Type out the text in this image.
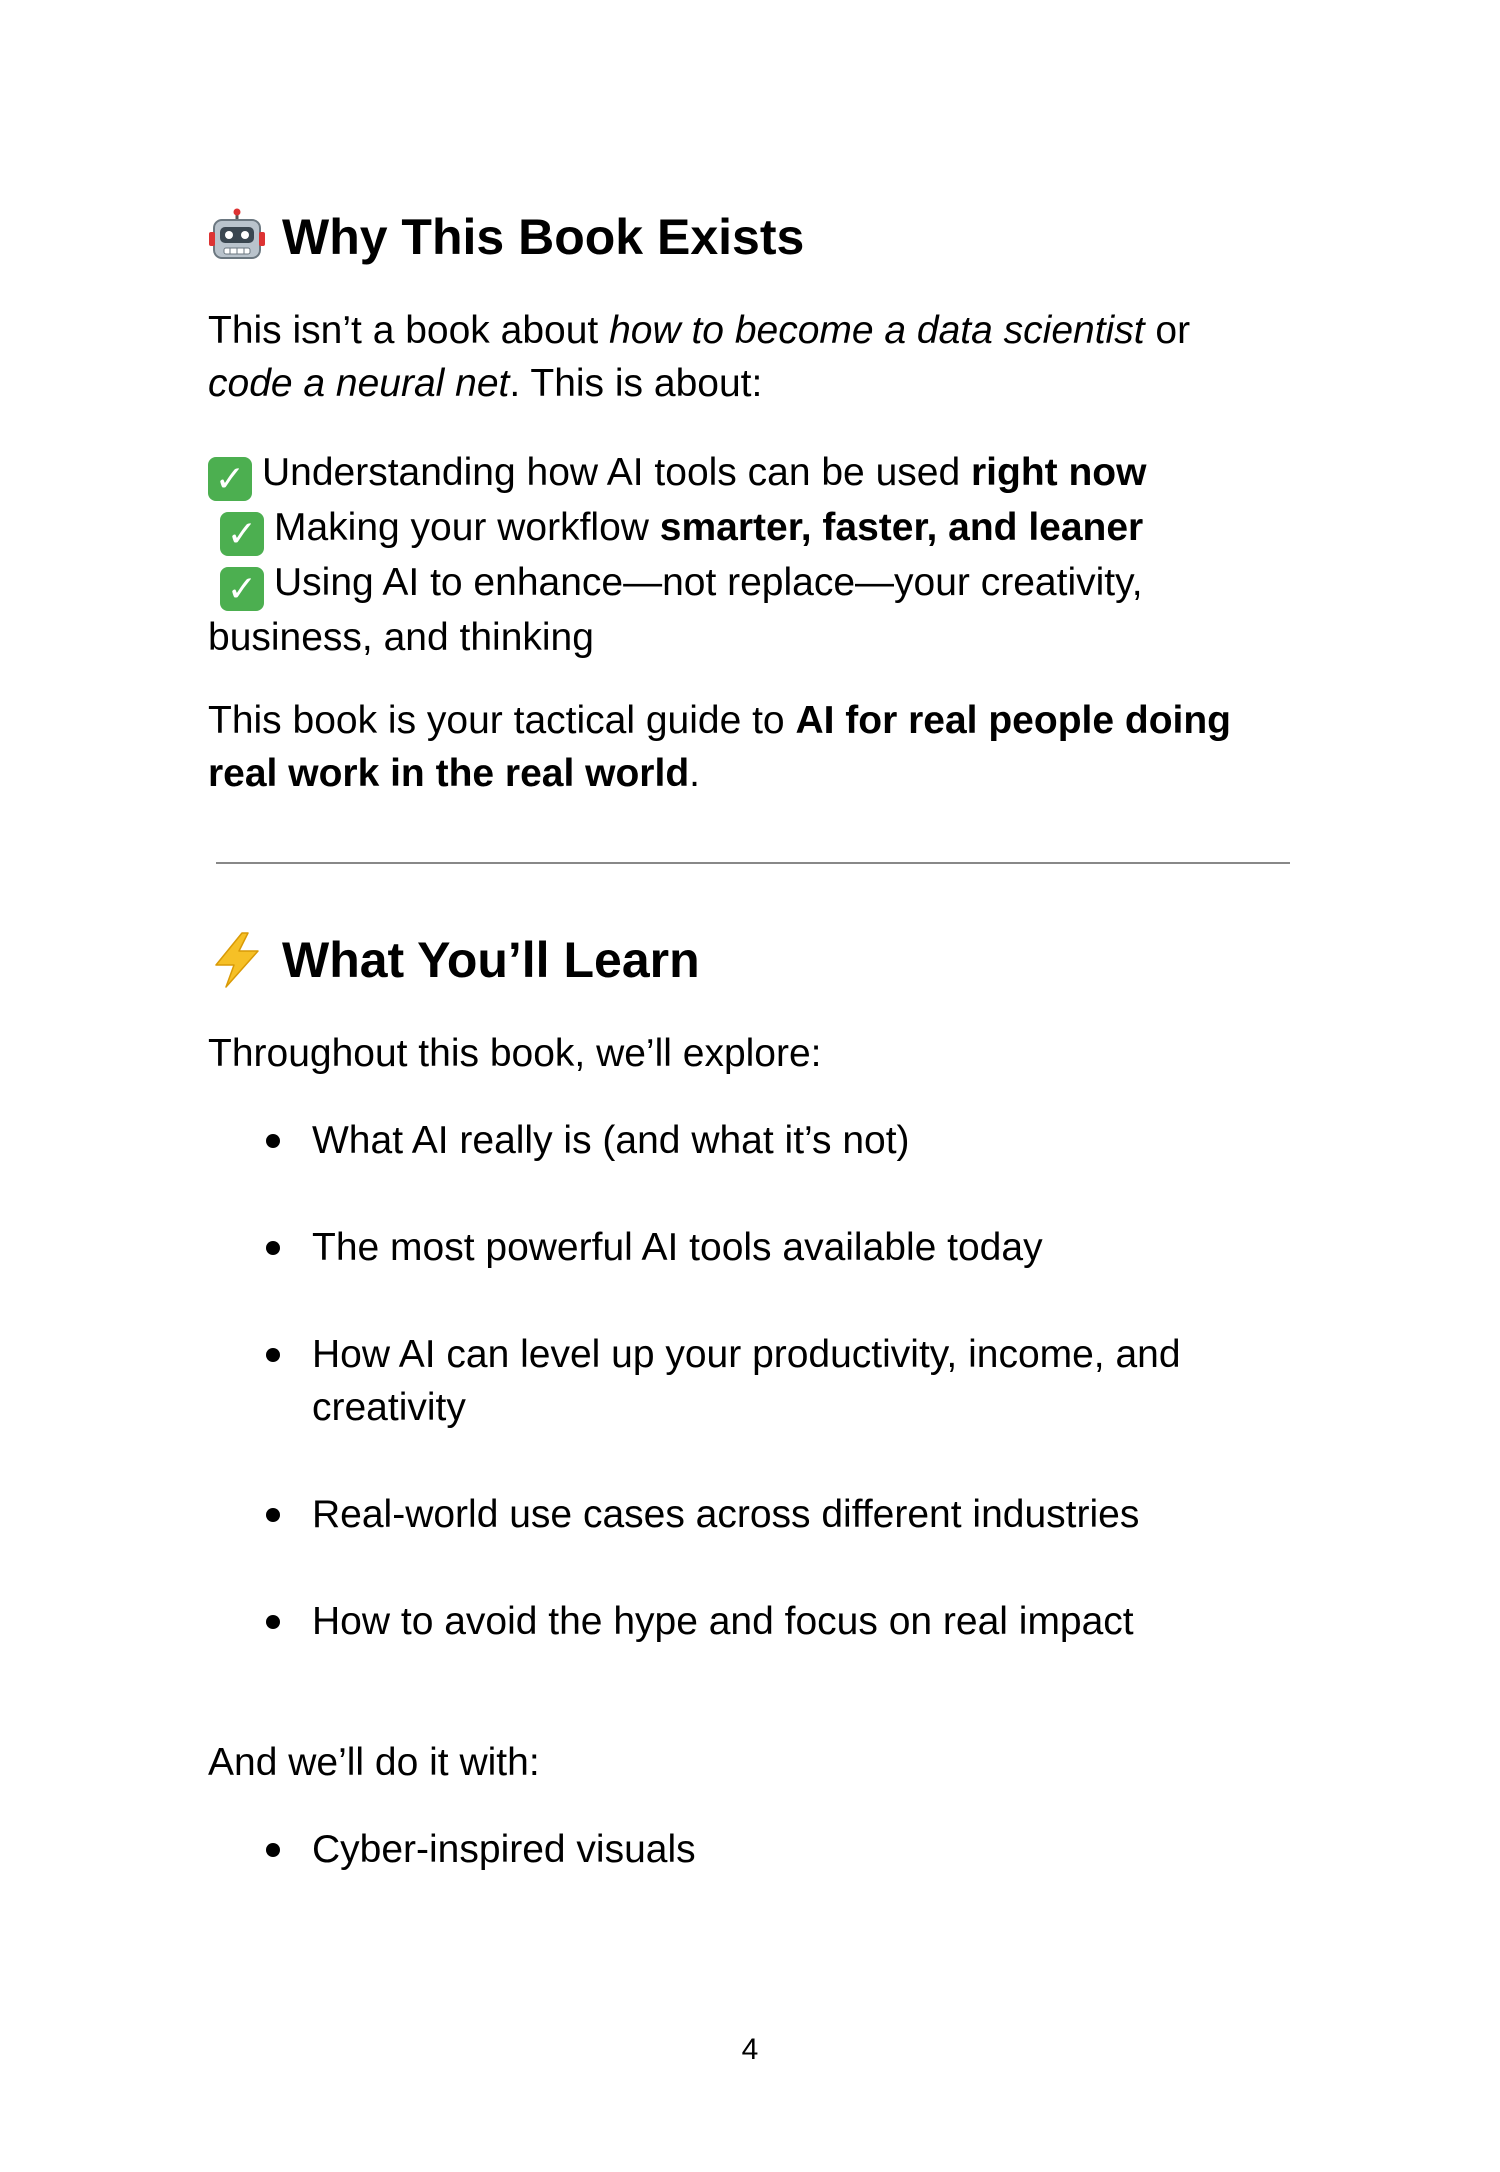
Why This Book Exists

This isn’t a book about how to become a data scientist or
code a neural net. This is about:

✓ Understanding how AI tools can be used right now
✓ Making your workflow smarter, faster, and leaner
✓ Using AI to enhance—not replace—your creativity,
business, and thinking

This book is your tactical guide to AI for real people doing real work in the real world.

What You’ll Learn

Throughout this book, we’ll explore:

What AI really is (and what it’s not)
The most powerful AI tools available today
How AI can level up your productivity, income, and creativity
Real-world use cases across different industries
How to avoid the hype and focus on real impact

And we’ll do it with:

Cyber-inspired visuals
4
